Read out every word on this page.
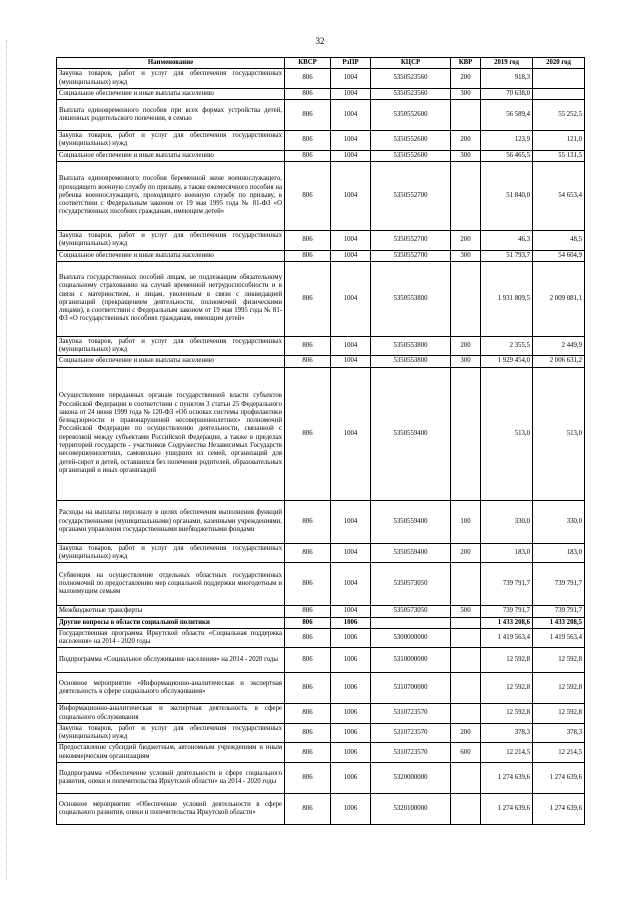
32
Наименование	КВСР	РзПР	КЦСР	КВР	2019 год	2020 год
Закупка товаров, работ и услуг для обеспечения государственных (муниципальных) нужд	806	1004	5350523560	200	918,3	
Социальное обеспечение и иные выплаты населению	806	1004	5350523560	300	70 638,0	
Выплата единовременного пособия при всех формах устройства детей, лишенных родительского попечения, в семью	806	1004	5350552600		56 589,4	55 252,5
Закупка товаров, работ и услуг для обеспечения государственных (муниципальных) нужд	806	1004	5350552600	200	123,9	121,0
Социальное обеспечение и иные выплаты населению	806	1004	5350552600	300	56 465,5	55 131,5
Выплата единовременного пособия беременной жене военнослужащего, проходящего военную службу по призыву, а также ежемесячного пособия на ребенка военнослужащего, проходящего военную службу по призыву, в соответствии с Федеральным законом от 19 мая 1995 года № 81-ФЗ «О государственных пособиях гражданам, имеющим детей»	806	1004	5350552700		51 840,0	54 653,4
Закупка товаров, работ и услуг для обеспечения государственных (муниципальных) нужд	806	1004	5350552700	200	46,3	48,5
Социальное обеспечение и иные выплаты населению	806	1004	5350552700	300	51 793,7	54 604,9
Выплата государственных пособий лицам, не подлежащим обязательному социальному страхованию на случай временной нетрудоспособности и в связи с материнством, и лицам, уволенным в связи с ликвидацией организаций (прекращением деятельности, полномочий физическими лицами), в соответствии с Федеральным законом от 19 мая 1995 года № 81-ФЗ «О государственных пособиях гражданам, имеющим детей»	806	1004	5350553800		1 931 809,5	2 009 081,1
Закупка товаров, работ и услуг для обеспечения государственных (муниципальных) нужд	806	1004	5350553800	200	2 355,5	2 449,9
Социальное обеспечение и иные выплаты населению	806	1004	5350553800	300	1 929 454,0	2 006 631,2
Осуществление переданных органам государственной власти субъектов Российской Федерации в соответствии с пунктом 3 статьи 25 Федерального закона от 24 июня 1999 года № 120-ФЗ «Об основах системы профилактики безнадзорности и правонарушений несовершеннолетних» полномочий Российской Федерации по осуществлению деятельности, связанной с перевозкой между субъектами Российской Федерации, а также в пределах территорий государств - участников Содружества Независимых Государств несовершеннолетних, самовольно ушедших из семей, организаций для детей-сирот и детей, оставшихся без попечения родителей, образовательных организаций и иных организаций	806	1004	5350559400		513,0	513,0
Расходы на выплаты персоналу в целях обеспечения выполнения функций государственными (муниципальными) органами, казенными учреждениями, органами управления государственными внебюджетными фондами	806	1004	5350559400	100	330,0	330,0
Закупка товаров, работ и услуг для обеспечения государственных (муниципальных) нужд	806	1004	5350559400	200	183,0	183,0
Субвенция на осуществление отдельных областных государственных полномочий по предоставлению мер социальной поддержки многодетным и малоимущим семьям	806	1004	5350573050		739 791,7	739 791,7
Межбюджетные трансферты	806	1004	5350573050	500	739 791,7	739 791,7
Другие вопросы в области социальной политики	806	1006			1 433 208,6	1 433 208,5
Государственная программа Иркутской области «Социальная поддержка населения» на 2014 - 2020 годы	806	1006	5300000000		1 419 563,4	1 419 563,4
Подпрограмма «Социальное обслуживание населения» на 2014 - 2020 годы	806	1006	5310000000		12 592,8	12 592,8
Основное мероприятие «Информационно-аналитическая и экспертная деятельность в сфере социального обслуживания»	806	1006	5310700000		12 592,8	12 592,8
Информационно-аналитическая и экспертная деятельность в сфере социального обслуживания	806	1006	5310723570		12 592,8	12 592,8
Закупка товаров, работ и услуг для обеспечения государственных (муниципальных) нужд	806	1006	5310723570	200	378,3	378,3
Предоставление субсидий бюджетным, автономным учреждениям и иным некоммерческим организациям	806	1006	5310723570	600	12 214,5	12 214,5
Подпрограмма «Обеспечение условий деятельности в сфере социального развития, опеки и попечительства Иркутской области» на 2014 - 2020 годы	806	1006	5320000000		1 274 639,6	1 274 639,6
Основное мероприятие «Обеспечение условий деятельности в сфере социального развития, опеки и попечительства Иркутской области»	806	1006	5320100000		1 274 639,6	1 274 639,6
